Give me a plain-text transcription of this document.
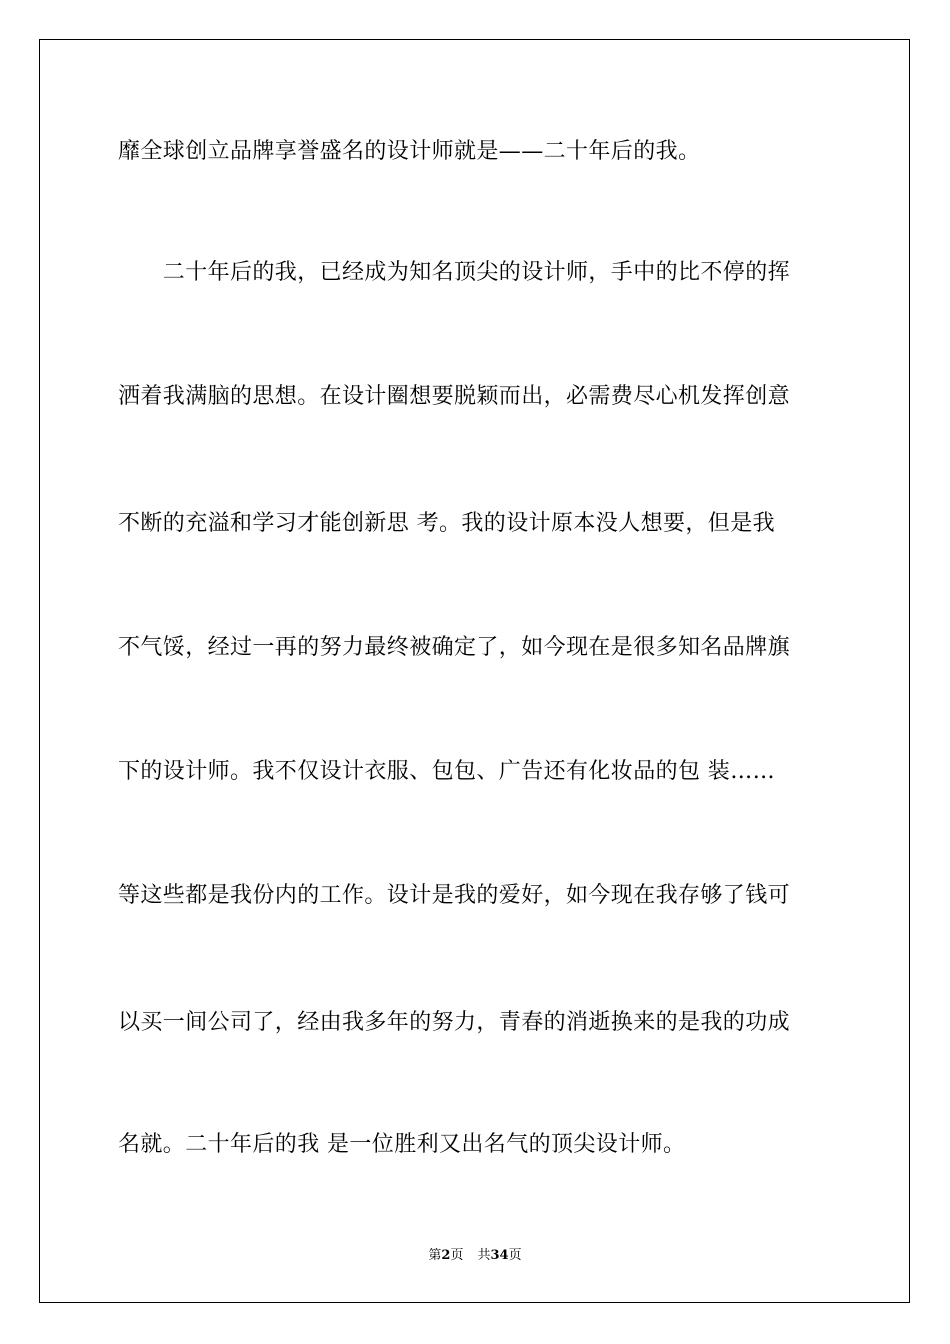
靡全球创立品牌享誉盛名的设计师就是——二十年后的我。
　　二十年后的我，已经成为知名顶尖的设计师，手中的比不停的挥
洒着我满脑的思想。在设计圈想要脱颖而出，必需费尽心机发挥创意
不断的充溢和学习才能创新思 考。我的设计原本没人想要，但是我
不气馁，经过一再的努力最终被确定了，如今现在是很多知名品牌旗
下的设计师。我不仅设计衣服、包包、广告还有化妆品的包 装……
等这些都是我份内的工作。设计是我的爱好，如今现在我存够了钱可
以买一间公司了，经由我多年的努力，青春的消逝换来的是我的功成
名就。二十年后的我 是一位胜利又出名气的顶尖设计师。
第2页 共34页
